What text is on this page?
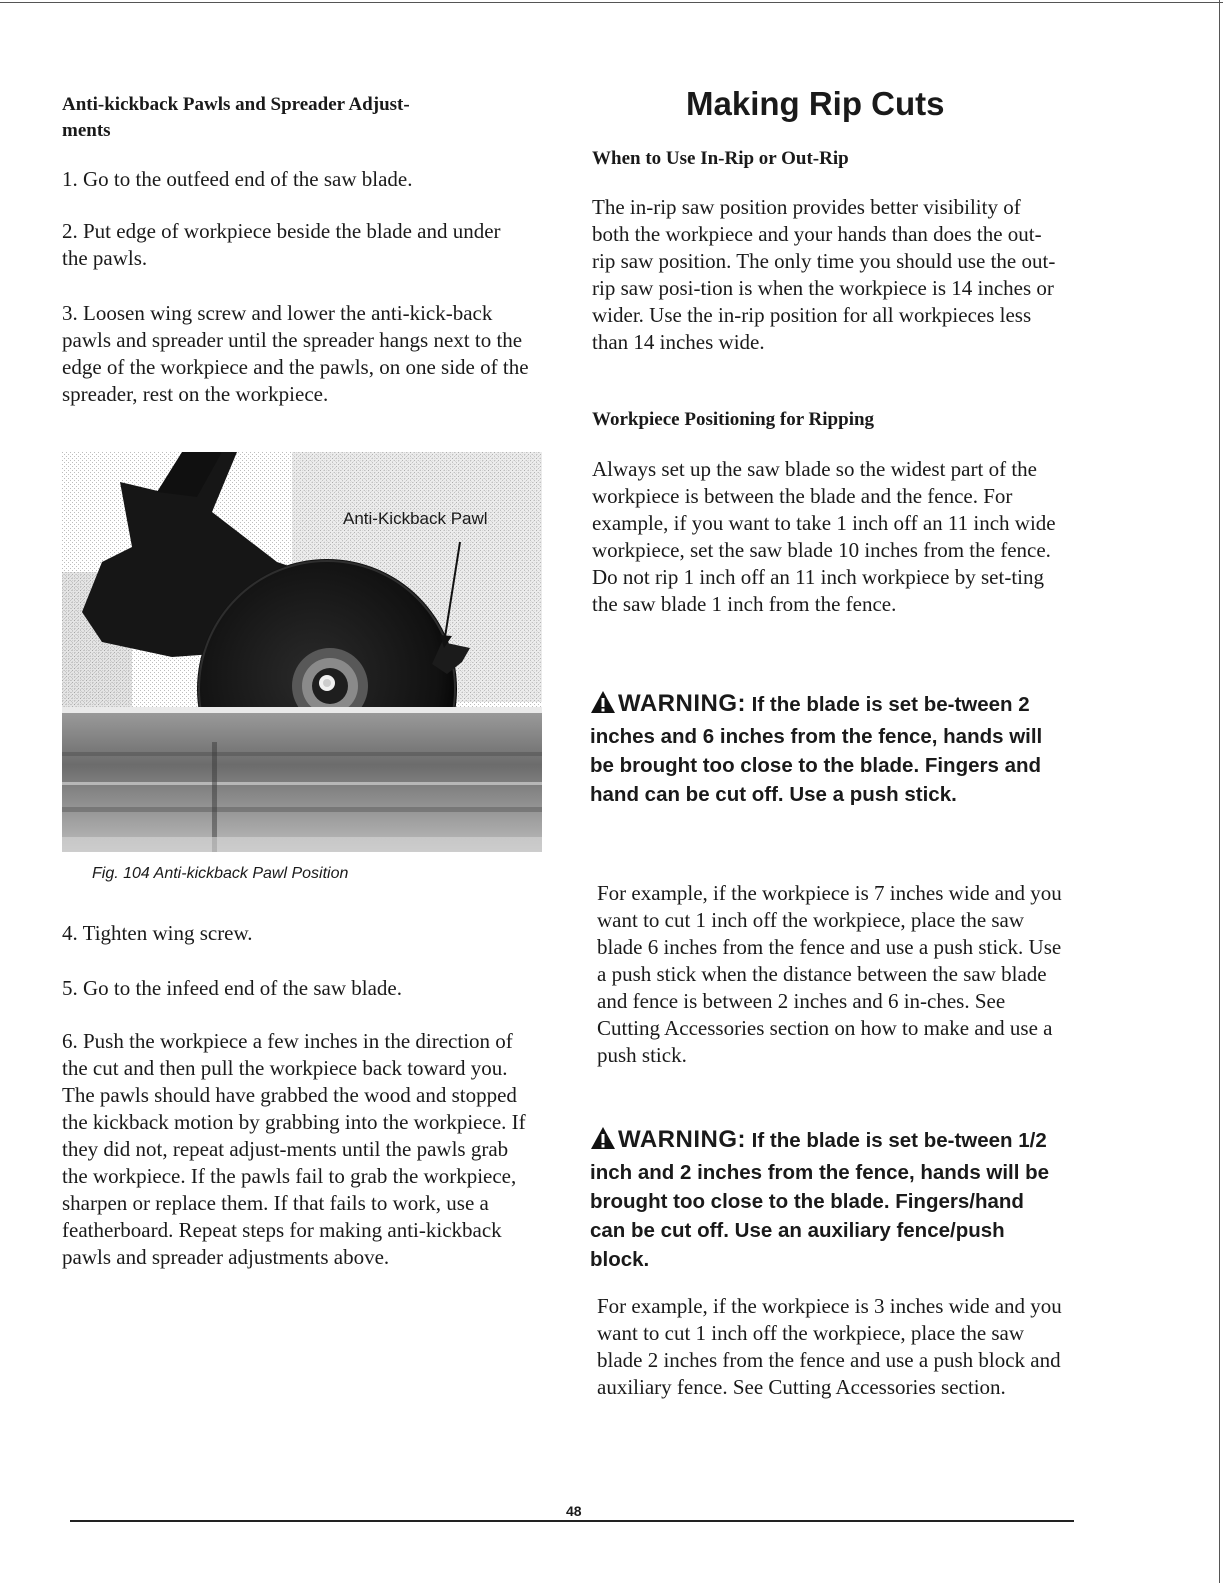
Anti-kickback Pawls and Spreader Adjust-
ments

1. Go to the outfeed end of the saw blade.

2. Put edge of workpiece beside the blade and under the pawls.

3. Loosen wing screw and lower the anti-kick-back pawls and spreader until the spreader hangs next to the edge of the workpiece and the pawls, on one side of the spreader, rest on the workpiece.

Anti-Kickback Pawl

Fig. 104 Anti-kickback Pawl Position

4. Tighten wing screw.

5. Go to the infeed end of the saw blade.

6. Push the workpiece a few inches in the direction of the cut and then pull the workpiece back toward you. The pawls should have grabbed the wood and stopped the kickback motion by grabbing into the workpiece. If they did not, repeat adjust-ments until the pawls grab the workpiece. If the pawls fail to grab the workpiece, sharpen or replace them. If that fails to work, use a featherboard. Repeat steps for making anti-kickback pawls and spreader adjustments above.

Making Rip Cuts

When to Use In-Rip or Out-Rip

The in-rip saw position provides better visibility of both the workpiece and your hands than does the out-rip saw position. The only time you should use the out-rip saw posi-tion is when the workpiece is 14 inches or wider. Use the in-rip position for all workpieces less than 14 inches wide.

Workpiece Positioning for Ripping

Always set up the saw blade so the widest part of the workpiece is between the blade and the fence. For example, if you want to take 1 inch off an 11 inch wide workpiece, set the saw blade 10 inches from the fence. Do not rip 1 inch off an 11 inch workpiece by set-ting the saw blade 1 inch from the fence.

WARNING: If the blade is set be-tween 2 inches and 6 inches from the fence, hands will be brought too close to the blade. Fingers and hand can be cut off. Use a push stick.

For example, if the workpiece is 7 inches wide and you want to cut 1 inch off the workpiece, place the saw blade 6 inches from the fence and use a push stick. Use a push stick when the distance between the saw blade and fence is between 2 inches and 6 in-ches. See Cutting Accessories section on how to make and use a push stick.

WARNING: If the blade is set be-tween 1/2 inch and 2 inches from the fence, hands will be brought too close to the blade. Fingers/hand can be cut off. Use an auxiliary fence/push block.

For example, if the workpiece is 3 inches wide and you want to cut 1 inch off the workpiece, place the saw blade 2 inches from the fence and use a push block and auxiliary fence. See Cutting Accessories section.

48
